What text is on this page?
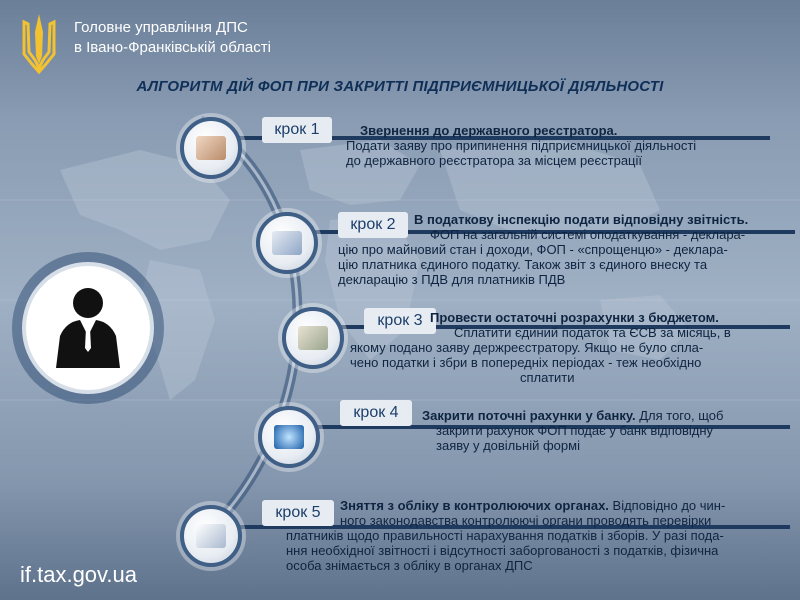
Головне управління ДПС
в Івано-Франківській області
АЛГОРИТМ ДІЙ ФОП ПРИ ЗАКРИТТІ ПІДПРИЄМНИЦЬКОЇ ДІЯЛЬНОСТІ
крок 1	Звернення до державного реєстратора.
Подати заяву про припинення підприємницької діяльності
до державного реєстратора за місцем реєстрації
крок 2	В податкову інспекцію подати відповідну звітність.
ФОП на загальній системі оподаткування - деклара-
цію про майновий стан і доходи, ФОП - «спрощенцю» - деклара-
цію платника єдиного податку. Також звіт з єдиного внеску та
декларацію з ПДВ для платників ПДВ
крок 3 Провести остаточні розрахунки з бюджетом.
Сплатити єдиний податок та ЄСВ за місяць, в
якому подано заяву держреєстратору. Якщо не було спла-
чено податки і збри в попередніх періодах - теж необхідно
сплатити
крок 4	Закрити поточні рахунки у банку. Для того, щоб
закрити рахунок ФОП подає у банк відповідну
заяву у довільній формі
крок 5	Зняття з обліку в контролюючих органах. Відповідно до чин-
ного законодавства контролюючі органи проводять перевірки
платників щодо правильності нарахування податків і зборів. У разі пода-
ння необхідної звітності і відсутності заборгованості з податків, фізична
особа знімається з обліку в органах ДПС
if.tax.gov.ua
